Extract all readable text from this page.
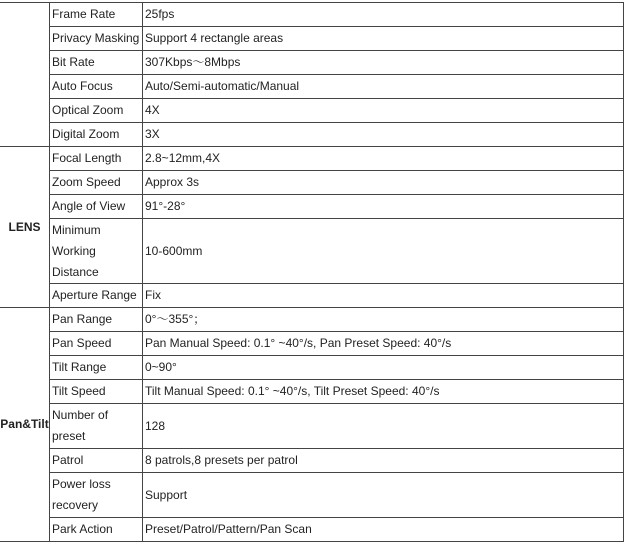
	Frame Rate	25fps
	Privacy Masking	Support 4 rectangle areas
	Bit Rate	307Kbps～8Mbps
	Auto Focus	Auto/Semi-automatic/Manual
	Optical Zoom	4X
	Digital Zoom	3X
LENS	Focal Length	2.8~12mm,4X
	Zoom Speed	Approx 3s
	Angle of View	91°-28°
	Minimum Working Distance	10-600mm
	Aperture Range	Fix
Pan&Tilt	Pan Range	0°～355°；
	Pan Speed	Pan Manual Speed: 0.1° ~40°/s, Pan Preset Speed: 40°/s
	Tilt Range	0~90°
	Tilt Speed	Tilt Manual Speed: 0.1° ~40°/s, Tilt Preset Speed: 40°/s
	Number of preset	128
	Patrol	8 patrols,8 presets per patrol
	Power loss recovery	Support
	Park Action	Preset/Patrol/Pattern/Pan Scan
